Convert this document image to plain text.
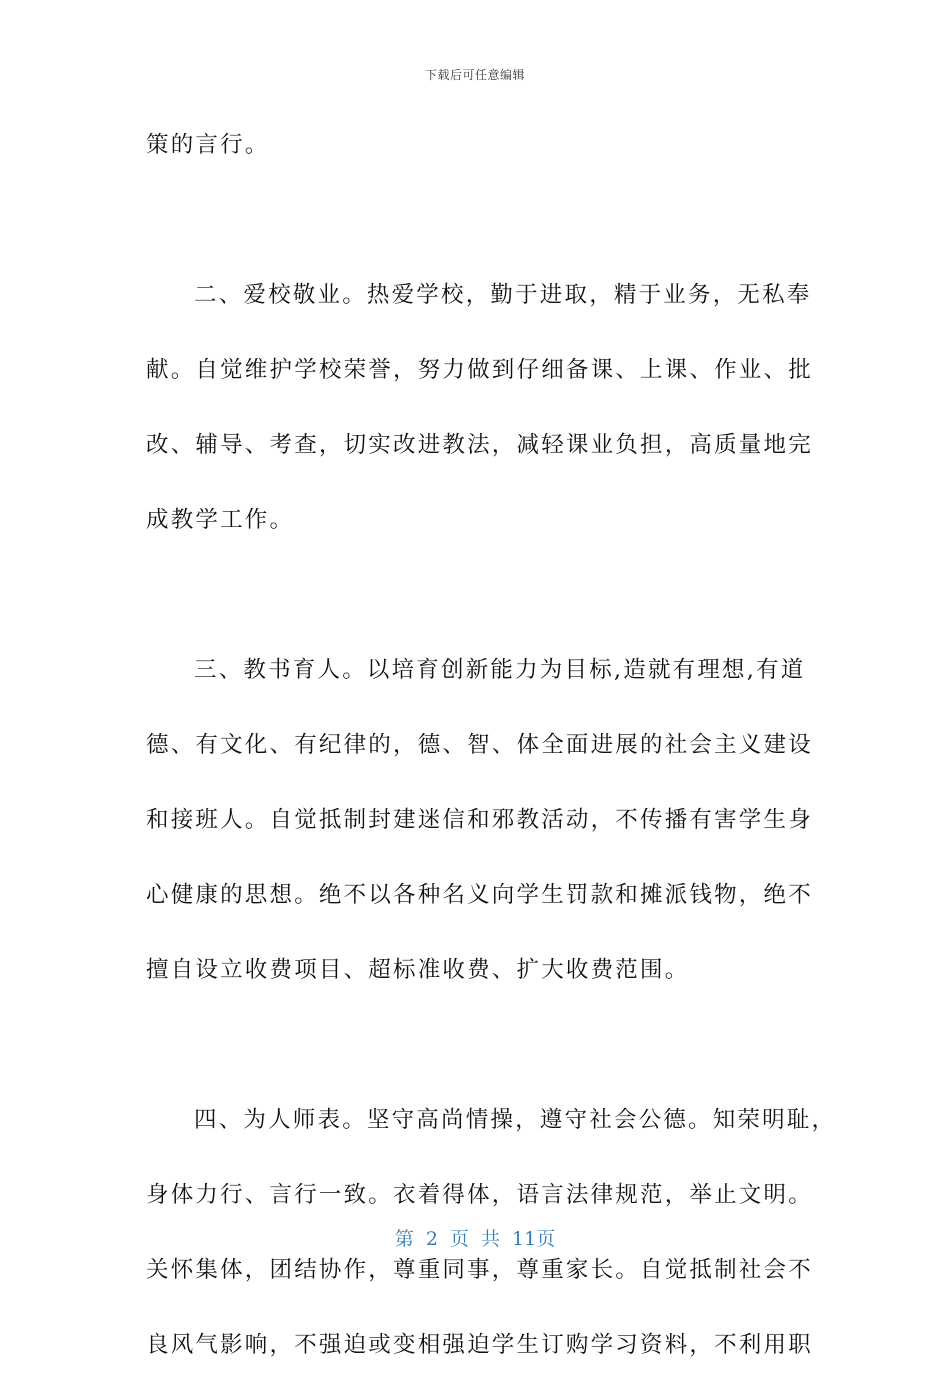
下载后可任意编辑
策的言行。
二、爱校敬业。热爱学校，勤于进取，精于业务，无私奉
献。自觉维护学校荣誉，努力做到仔细备课、上课、作业、批
改、辅导、考查，切实改进教法，减轻课业负担，高质量地完
成教学工作。
三、教书育人。以培育创新能力为目标,造就有理想,有道
德、有文化、有纪律的，德、智、体全面进展的社会主义建设
和接班人。自觉抵制封建迷信和邪教活动，不传播有害学生身
心健康的思想。绝不以各种名义向学生罚款和摊派钱物，绝不
擅自设立收费项目、超标准收费、扩大收费范围。
四、为人师表。坚守高尚情操，遵守社会公德。知荣明耻，
身体力行、言行一致。衣着得体，语言法律规范，举止文明。
关怀集体，团结协作，尊重同事，尊重家长。自觉抵制社会不
良风气影响，不强迫或变相强迫学生订购学习资料，不利用职
第 2 页 共 11页
